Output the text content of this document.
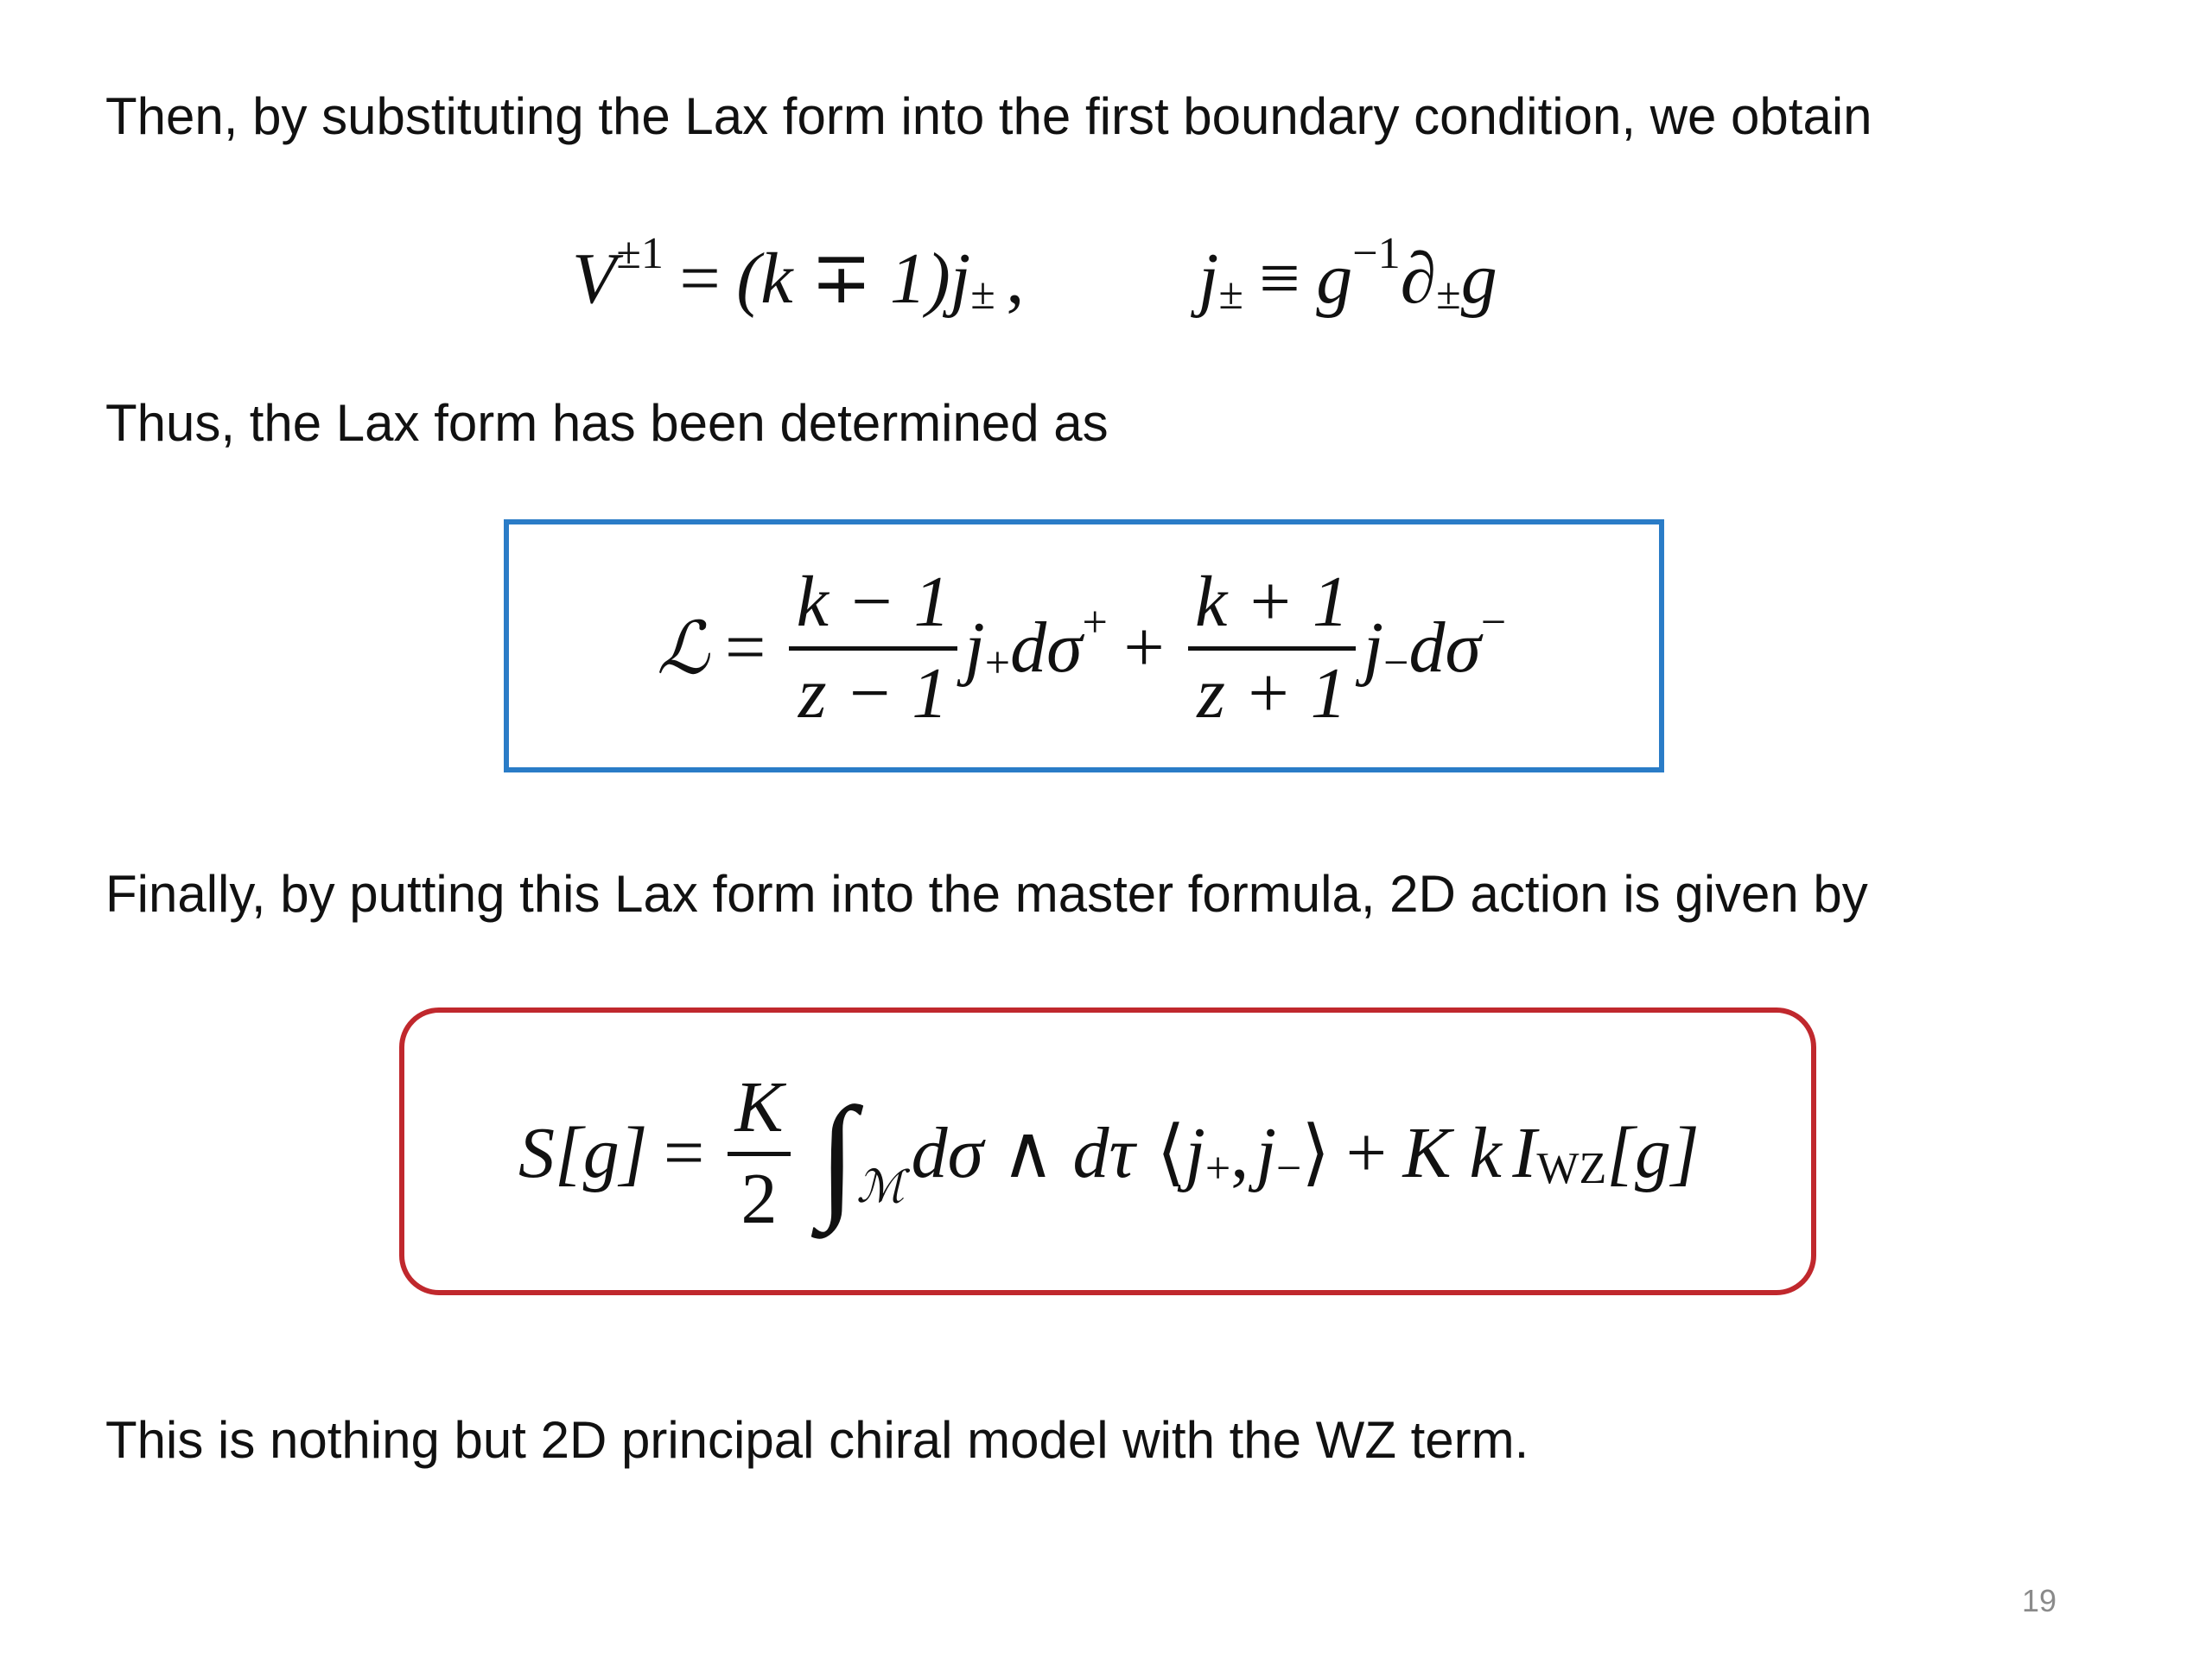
Then, by substituting the Lax form into the first boundary condition, we obtain
V ±1 = (k ∓ 1)j ± , j ± ≡ g −1 ∂ ± g
Thus, the Lax form has been determined as
ℒ =
k − 1
z − 1
j + dσ + +
k + 1
z + 1
j − dσ −
Finally, by putting this Lax form into the master formula, 2D action is given by
S[g] =
K
2 ∫ ℳ dσ ∧ dτ ⟨ j + , j − ⟩ + K k I WZ [g]
This is nothing but 2D principal chiral model with the WZ term.
19
